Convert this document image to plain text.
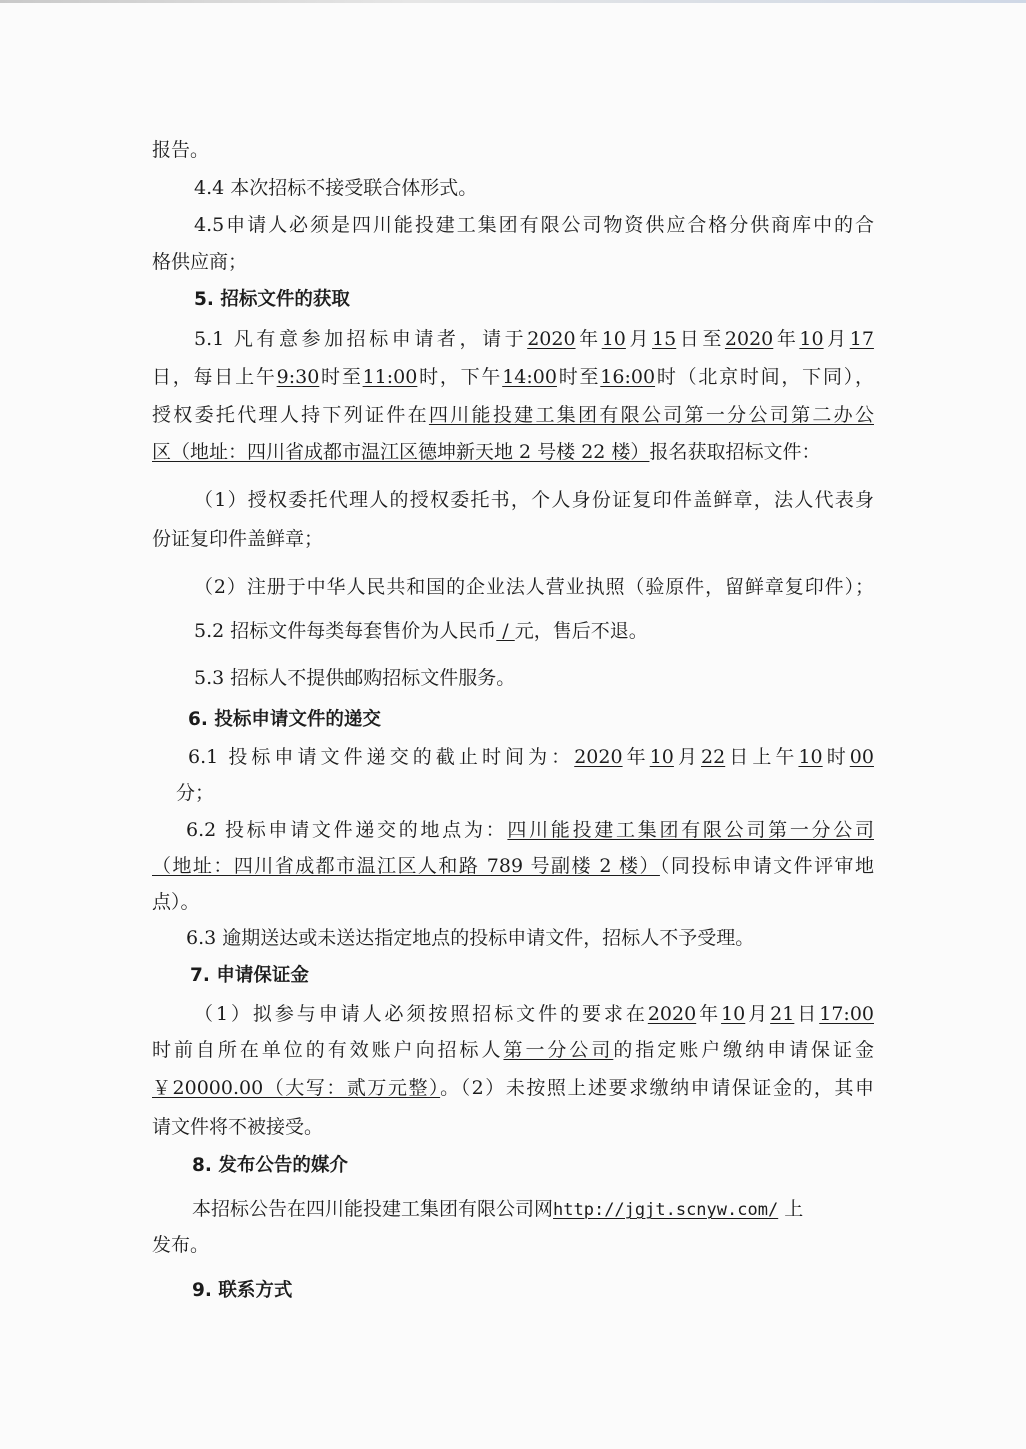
报告。
4.4 本次招标不接受联合体形式。
4.5申请人必须是四川能投建工集团有限公司物资供应合格分供商库中的合
格供应商；
5. 招标文件的获取
5.1 凡有意参加招标申请者，请于2020年10月15日至2020年10月17
日，每日上午9:30时至11:00时，下午14:00时至16:00时（北京时间，下同），
授权委托代理人持下列证件在四川能投建工集团有限公司第一分公司第二办公
区（地址：四川省成都市温江区德坤新天地 2 号楼 22 楼）报名获取招标文件：
（1）授权委托代理人的授权委托书，个人身份证复印件盖鲜章，法人代表身
份证复印件盖鲜章；
（2）注册于中华人民共和国的企业法人营业执照（验原件，留鲜章复印件）；
5.2 招标文件每类每套售价为人民币 / 元，售后不退。
5.3 招标人不提供邮购招标文件服务。
6. 投标申请文件的递交
6.1 投标申请文件递交的截止时间为：2020年10月22日上午10时00
分；
6.2 投标申请文件递交的地点为：四川能投建工集团有限公司第一分公司
（地址：四川省成都市温江区人和路 789 号副楼 2 楼）（同投标申请文件评审地
点）。
6.3 逾期送达或未送达指定地点的投标申请文件，招标人不予受理。
7. 申请保证金
（1）拟参与申请人必须按照招标文件的要求在2020年10月21日17:00
时前自所在单位的有效账户向招标人第一分公司的指定账户缴纳申请保证金
￥20000.00（大写：贰万元整）。（2）未按照上述要求缴纳申请保证金的，其申
请文件将不被接受。
8. 发布公告的媒介
本招标公告在四川能投建工集团有限公司网http://jgjt.scnyw.com/ 上
发布。
9. 联系方式
